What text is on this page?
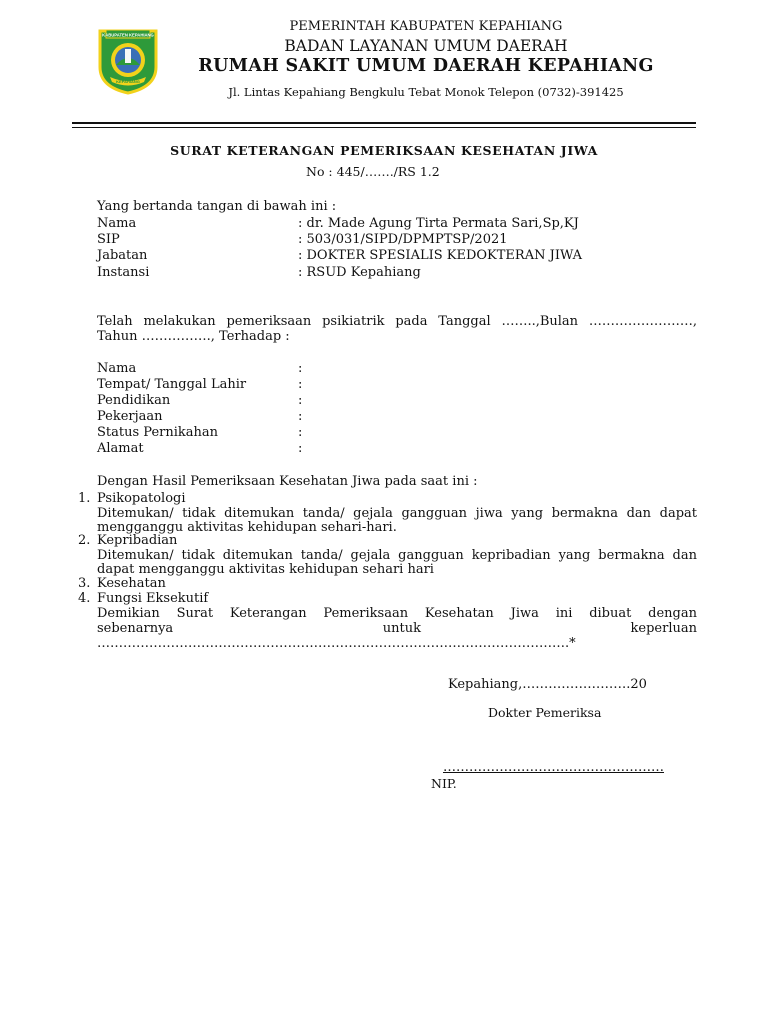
KABUPATEN KEPAHIANG
KEPAHIANG
PEMERINTAH KABUPATEN KEPAHIANG
BADAN LAYANAN UMUM DAERAH
RUMAH SAKIT UMUM DAERAH KEPAHIANG
Jl. Lintas Kepahiang Bengkulu Tebat Monok Telepon (0732)-391425
SURAT KETERANGAN PEMERIKSAAN KESEHATAN JIWA
No : 445/……./RS 1.2
Yang bertanda tangan di bawah ini :
Nama	: dr. Made Agung Tirta Permata Sari,Sp,KJ
SIP	: 503/031/SIPD/DPMPTSP/2021
Jabatan	: DOKTER SPESIALIS KEDOKTERAN JIWA
Instansi	: RSUD Kepahiang
Telah melakukan pemeriksaan psikiatrik pada Tanggal ……..,Bulan ……………………,
Tahun ……………., Terhadap :
Nama	:
Tempat/ Tanggal Lahir	:
Pendidikan	:
Pekerjaan	:
Status Pernikahan	:
Alamat	:
Dengan Hasil Pemeriksaan Kesehatan Jiwa pada saat ini :
1. Psikopatologi
Ditemukan/ tidak ditemukan tanda/ gejala gangguan jiwa yang bermakna dan dapat
mengganggu aktivitas kehidupan sehari-hari.
2. Kepribadian
Ditemukan/ tidak ditemukan tanda/ gejala gangguan kepribadian yang bermakna dan
dapat mengganggu aktivitas kehidupan sehari hari
3. Kesehatan
4. Fungsi Eksekutif
Demikian Surat Keterangan Pemeriksaan Kesehatan Jiwa ini dibuat dengan
sebenarnya untuk keperluan
……………………………………………………………………………………………….*
Kepahiang,…………………….20
Dokter Pemeriksa
……………………………………………
NIP.
